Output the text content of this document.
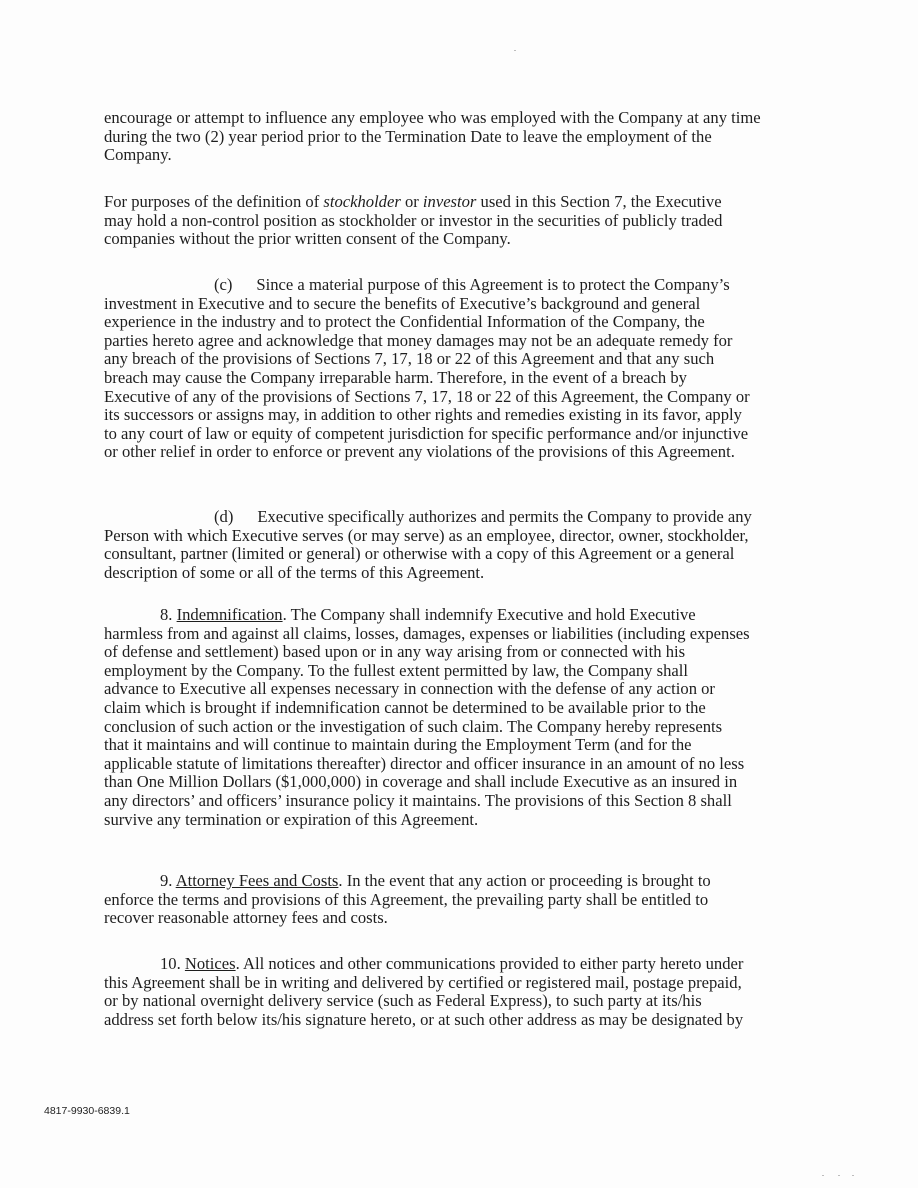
encourage or attempt to influence any employee who was employed with the Company at any time
during the two (2) year period prior to the Termination Date to leave the employment of the
Company.
For purposes of the definition of stockholder or investor used in this Section 7, the Executive
may hold a non-control position as stockholder or investor in the securities of publicly traded
companies without the prior written consent of the Company.
(c) Since a material purpose of this Agreement is to protect the Company’s
investment in Executive and to secure the benefits of Executive’s background and general
experience in the industry and to protect the Confidential Information of the Company, the
parties hereto agree and acknowledge that money damages may not be an adequate remedy for
any breach of the provisions of Sections 7, 17, 18 or 22 of this Agreement and that any such
breach may cause the Company irreparable harm. Therefore, in the event of a breach by
Executive of any of the provisions of Sections 7, 17, 18 or 22 of this Agreement, the Company or
its successors or assigns may, in addition to other rights and remedies existing in its favor, apply
to any court of law or equity of competent jurisdiction for specific performance and/or injunctive
or other relief in order to enforce or prevent any violations of the provisions of this Agreement.
(d) Executive specifically authorizes and permits the Company to provide any
Person with which Executive serves (or may serve) as an employee, director, owner, stockholder,
consultant, partner (limited or general) or otherwise with a copy of this Agreement or a general
description of some or all of the terms of this Agreement.
8. Indemnification. The Company shall indemnify Executive and hold Executive
harmless from and against all claims, losses, damages, expenses or liabilities (including expenses
of defense and settlement) based upon or in any way arising from or connected with his
employment by the Company. To the fullest extent permitted by law, the Company shall
advance to Executive all expenses necessary in connection with the defense of any action or
claim which is brought if indemnification cannot be determined to be available prior to the
conclusion of such action or the investigation of such claim. The Company hereby represents
that it maintains and will continue to maintain during the Employment Term (and for the
applicable statute of limitations thereafter) director and officer insurance in an amount of no less
than One Million Dollars ($1,000,000) in coverage and shall include Executive as an insured in
any directors’ and officers’ insurance policy it maintains. The provisions of this Section 8 shall
survive any termination or expiration of this Agreement.
9. Attorney Fees and Costs. In the event that any action or proceeding is brought to
enforce the terms and provisions of this Agreement, the prevailing party shall be entitled to
recover reasonable attorney fees and costs.
10. Notices. All notices and other communications provided to either party hereto under
this Agreement shall be in writing and delivered by certified or registered mail, postage prepaid,
or by national overnight delivery service (such as Federal Express), to such party at its/his
address set forth below its/his signature hereto, or at such other address as may be designated by
4817-9930-6839.1
